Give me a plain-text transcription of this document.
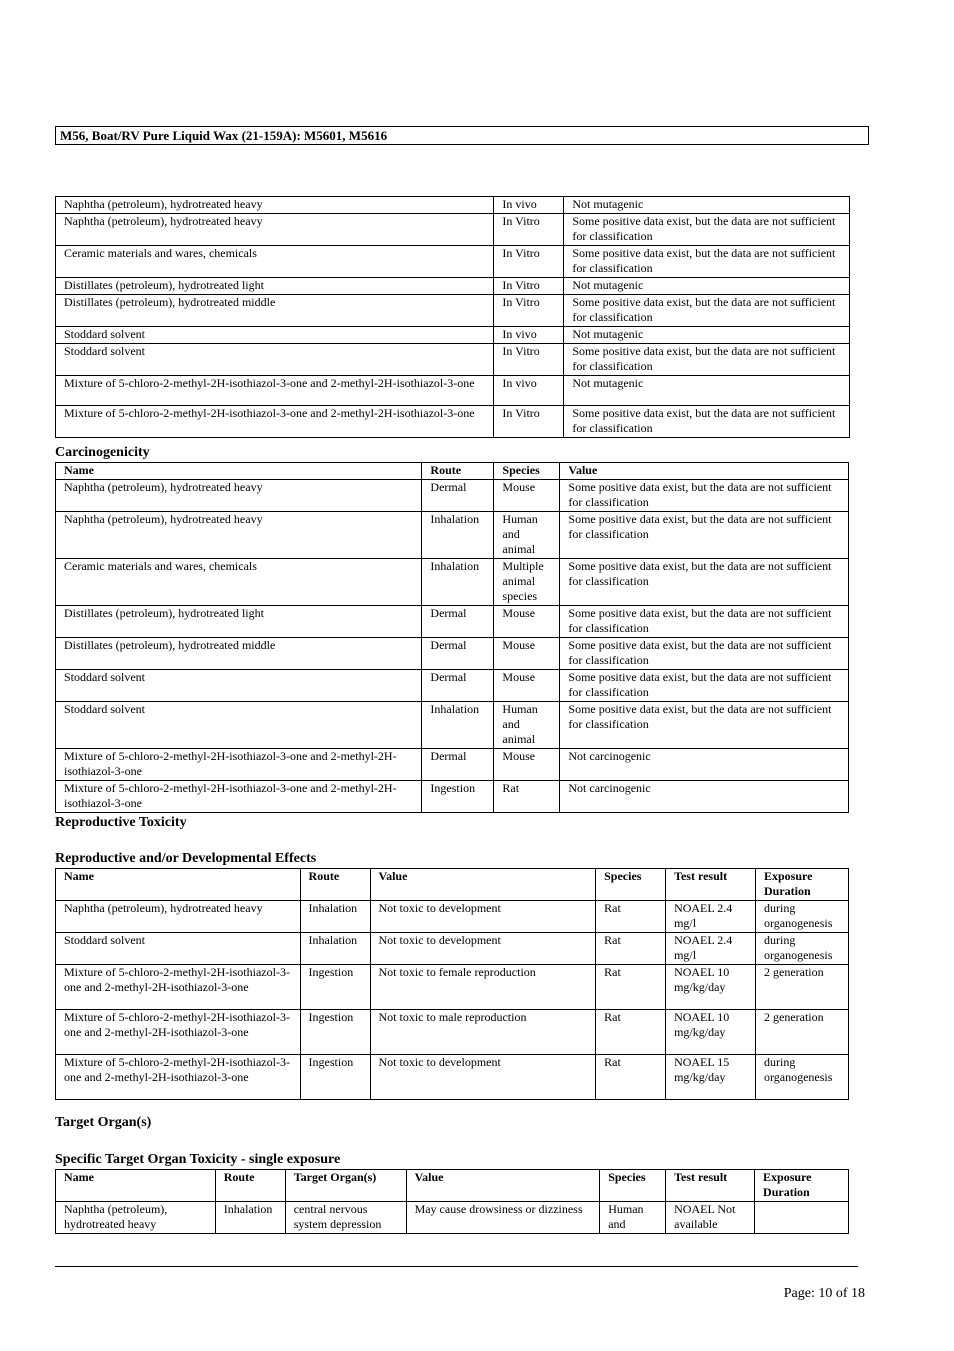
M56, Boat/RV Pure Liquid Wax (21-159A): M5601, M5616
Naphtha (petroleum), hydrotreated heavy	In vivo	Not mutagenic
Naphtha (petroleum), hydrotreated heavy	In Vitro	Some positive data exist, but the data are not sufficient for classification
Ceramic materials and wares, chemicals	In Vitro	Some positive data exist, but the data are not sufficient for classification
Distillates (petroleum), hydrotreated light	In Vitro	Not mutagenic
Distillates (petroleum), hydrotreated middle	In Vitro	Some positive data exist, but the data are not sufficient for classification
Stoddard solvent	In vivo	Not mutagenic
Stoddard solvent	In Vitro	Some positive data exist, but the data are not sufficient for classification
Mixture of 5-chloro-2-methyl-2H-isothiazol-3-one and 2-methyl-2H-isothiazol-3-one	In vivo	Not mutagenic
Mixture of 5-chloro-2-methyl-2H-isothiazol-3-one and 2-methyl-2H-isothiazol-3-one	In Vitro	Some positive data exist, but the data are not sufficient for classification
Carcinogenicity
Name	Route	Species	Value
Naphtha (petroleum), hydrotreated heavy	Dermal	Mouse	Some positive data exist, but the data are not sufficient for classification
Naphtha (petroleum), hydrotreated heavy	Inhalation	Human and animal	Some positive data exist, but the data are not sufficient for classification
Ceramic materials and wares, chemicals	Inhalation	Multiple animal species	Some positive data exist, but the data are not sufficient for classification
Distillates (petroleum), hydrotreated light	Dermal	Mouse	Some positive data exist, but the data are not sufficient for classification
Distillates (petroleum), hydrotreated middle	Dermal	Mouse	Some positive data exist, but the data are not sufficient for classification
Stoddard solvent	Dermal	Mouse	Some positive data exist, but the data are not sufficient for classification
Stoddard solvent	Inhalation	Human and animal	Some positive data exist, but the data are not sufficient for classification
Mixture of 5-chloro-2-methyl-2H-isothiazol-3-one and 2-methyl-2H-isothiazol-3-one	Dermal	Mouse	Not carcinogenic
Mixture of 5-chloro-2-methyl-2H-isothiazol-3-one and 2-methyl-2H-isothiazol-3-one	Ingestion	Rat	Not carcinogenic
Reproductive Toxicity
Reproductive and/or Developmental Effects
Name	Route	Value	Species	Test result	Exposure Duration
Naphtha (petroleum), hydrotreated heavy	Inhalation	Not toxic to development	Rat	NOAEL 2.4 mg/l	during organogenesis
Stoddard solvent	Inhalation	Not toxic to development	Rat	NOAEL 2.4 mg/l	during organogenesis
Mixture of 5-chloro-2-methyl-2H-isothiazol-3-one and 2-methyl-2H-isothiazol-3-one	Ingestion	Not toxic to female reproduction	Rat	NOAEL 10 mg/kg/day	2 generation
Mixture of 5-chloro-2-methyl-2H-isothiazol-3-one and 2-methyl-2H-isothiazol-3-one	Ingestion	Not toxic to male reproduction	Rat	NOAEL 10 mg/kg/day	2 generation
Mixture of 5-chloro-2-methyl-2H-isothiazol-3-one and 2-methyl-2H-isothiazol-3-one	Ingestion	Not toxic to development	Rat	NOAEL 15 mg/kg/day	during organogenesis
Target Organ(s)
Specific Target Organ Toxicity - single exposure
Name	Route	Target Organ(s)	Value	Species	Test result	Exposure Duration
Naphtha (petroleum), hydrotreated heavy	Inhalation	central nervous system depression	May cause drowsiness or dizziness	Human and	NOAEL Not available	
Page: 10 of 18
